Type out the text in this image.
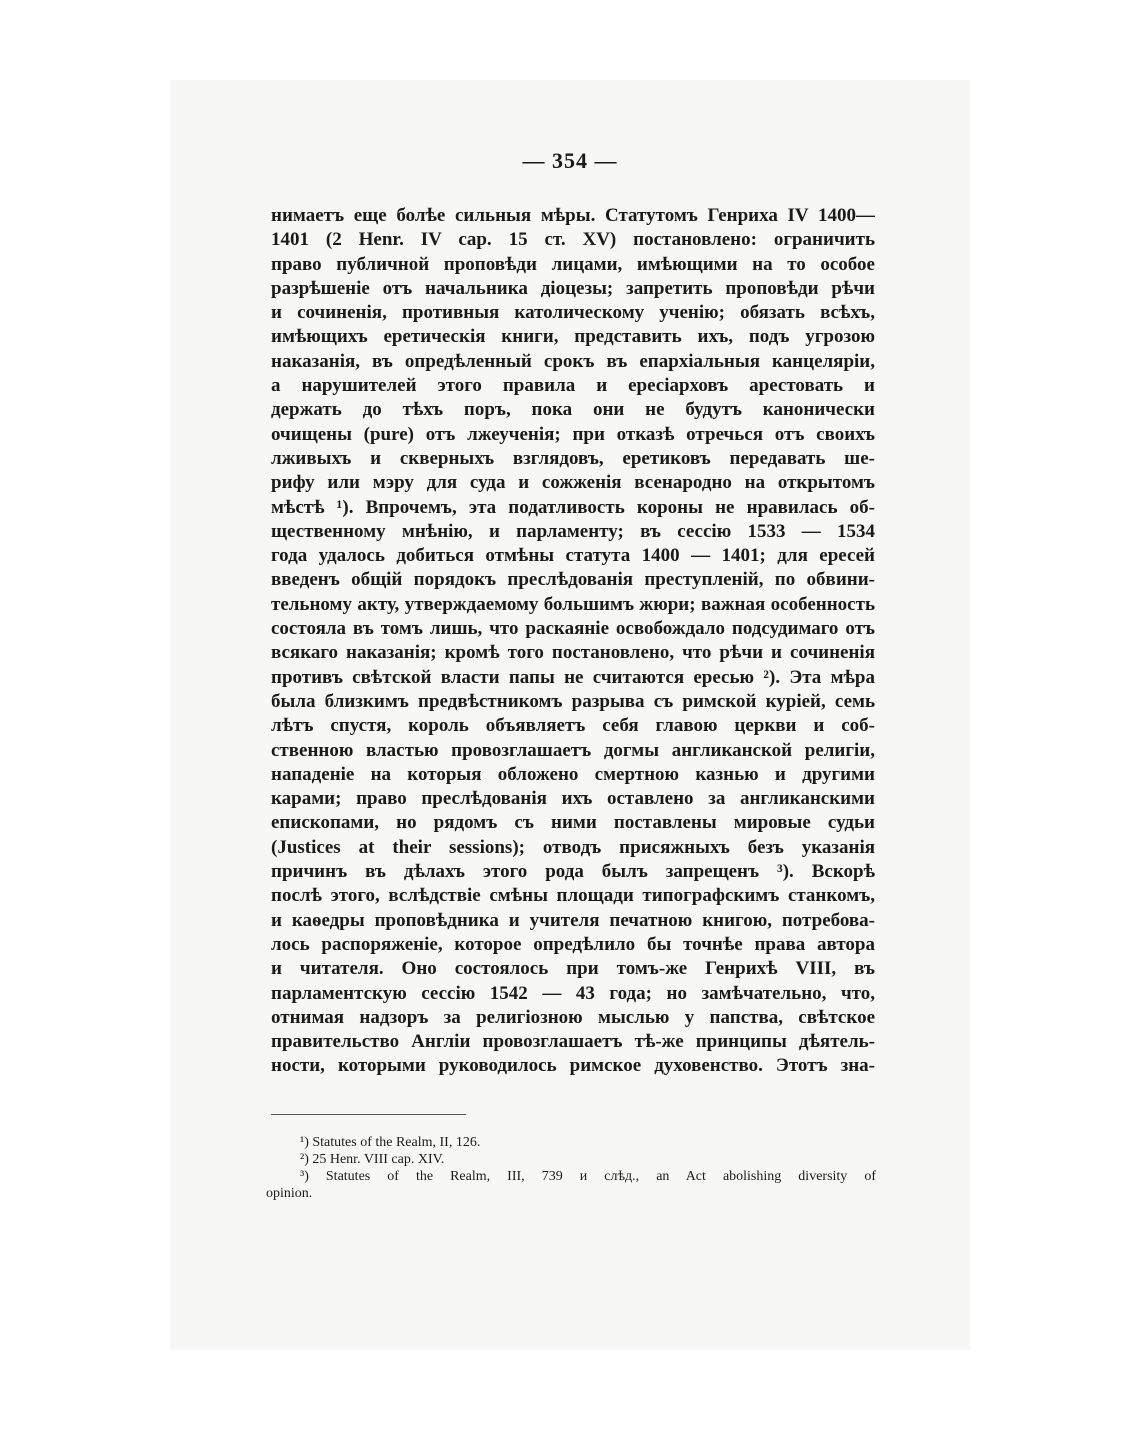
— 354 —
нимаетъ еще болѣе сильныя мѣры. Статутомъ Генриха IV 1400—
1401 (2 Henr. IV cap. 15 ст. XV) постановлено: ограничить
право публичной проповѣди лицами, имѣющими на то особое
разрѣшеніе отъ начальника діоцезы; запретить проповѣди рѣчи
и сочиненія, противныя католическому ученію; обязать всѣхъ,
имѣющихъ еретическія книги, представить ихъ, подъ угрозою
наказанія, въ опредѣленный срокъ въ епархіальныя канцеляріи,
а нарушителей этого правила и ересіарховъ арестовать и
держать до тѣхъ поръ, пока они не будутъ канонически
очищены (pure) отъ лжеученія; при отказѣ отречься отъ своихъ
лживыхъ и скверныхъ взглядовъ, еретиковъ передавать ше-
рифу или мэру для суда и сожженія всенародно на открытомъ
мѣстѣ ¹). Впрочемъ, эта податливость короны не нравилась об-
щественному мнѣнію, и парламенту; въ сессію 1533 — 1534
года удалось добиться отмѣны статута 1400 — 1401; для ересей
введенъ общій порядокъ преслѣдованія преступленій, по обвини-
тельному акту, утверждаемому большимъ жюри; важная особенность
состояла въ томъ лишь, что раскаяніе освобождало подсудимаго отъ
всякаго наказанія; кромѣ того постановлено, что рѣчи и сочиненія
противъ свѣтской власти папы не считаются ересью ²). Эта мѣра
была близкимъ предвѣстникомъ разрыва съ римской куріей, семь
лѣтъ спустя, король объявляетъ себя главою церкви и соб-
ственною властью провозглашаетъ догмы англиканской религіи,
нападеніе на которыя обложено смертною казнью и другими
карами; право преслѣдованія ихъ оставлено за англиканскими
епископами, но рядомъ съ ними поставлены мировые судьи
(Justices at their sessions); отводъ присяжныхъ безъ указанія
причинъ въ дѣлахъ этого рода былъ запрещенъ ³). Вскорѣ
послѣ этого, вслѣдствіе смѣны площади типографскимъ станкомъ,
и каѳедры проповѣдника и учителя печатною книгою, потребова-
лось распоряженіе, которое опредѣлило бы точнѣе права автора
и читателя. Оно состоялось при томъ-же Генрихѣ VIII, въ
парламентскую сессію 1542 — 43 года; но замѣчательно, что,
отнимая надзоръ за религіозною мыслью у папства, свѣтское
правительство Англіи провозглашаетъ тѣ-же принципы дѣятель-
ности, которыми руководилось римское духовенство. Этотъ зна-
¹) Statutes of the Realm, II, 126.
²) 25 Henr. VIII cap. XIV.
³) Statutes of the Realm, III, 739 и слѣд., an Act abolishing diversity of
opinion.
